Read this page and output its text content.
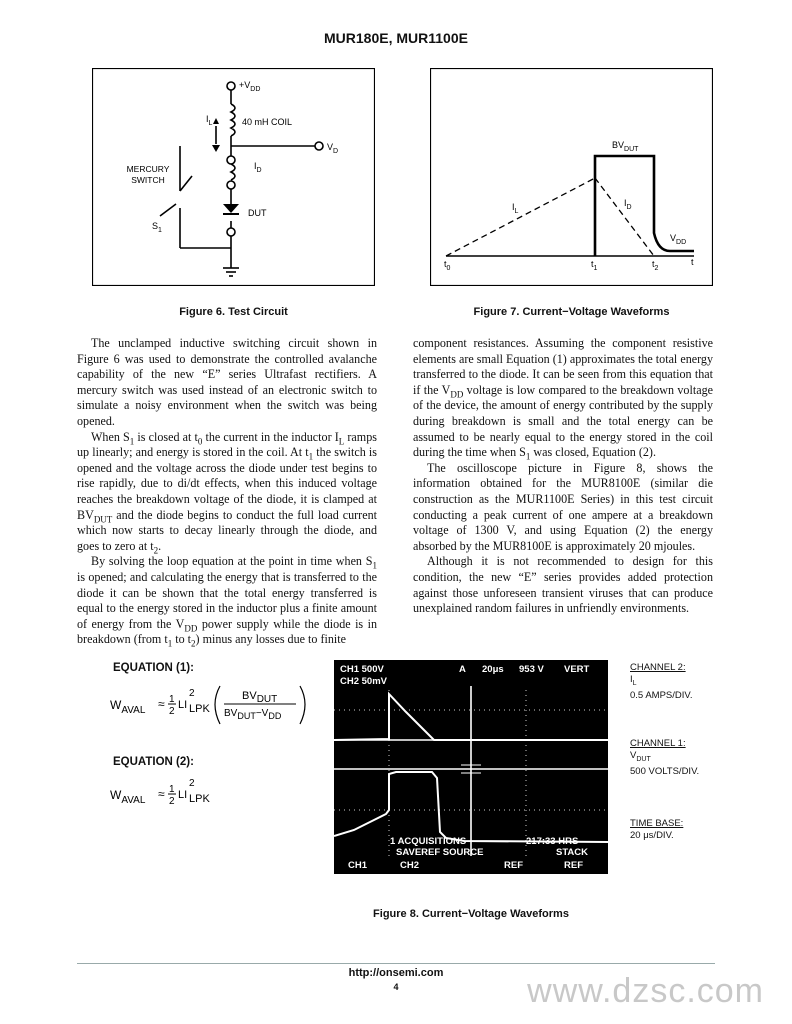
MUR180E, MUR1100E
$+V_{DD}$
$I_L$	40 mH COIL
$V_D$
$I_D$
MERCURY
SWITCH
DUT
$S_1$
Figure 6. Test Circuit
$BV_{DUT}$
$I_L$
$I_D$
$V_{DD}$
$t_0$	$t_1$	$t_2$
t
Figure 7. Current−Voltage Waveforms

The unclamped inductive switching circuit shown in Figure 6 was used to demonstrate the controlled avalanche capability of the new “E” series Ultrafast rectifiers. A mercury switch was used instead of an electronic switch to simulate a noisy environment when the switch was being opened.

When $S_1$ is closed at $t_0$ the current in the inductor $I_L$ ramps up linearly; and energy is stored in the coil. At $t_1$ the switch is opened and the voltage across the diode under test begins to rise rapidly, due to di/dt effects, when this induced voltage reaches the breakdown voltage of the diode, it is clamped at $BV_{DUT}$ and the diode begins to conduct the full load current which now starts to decay linearly through the diode, and goes to zero at $t_2$.

By solving the loop equation at the point in time when $S_1$ is opened; and calculating the energy that is transferred to the diode it can be shown that the total energy transferred is equal to the energy stored in the inductor plus a finite amount of energy from the $V_{DD}$ power supply while the diode is in breakdown (from $t_1$ to $t_2$) minus any losses due to finite

component resistances. Assuming the component resistive elements are small Equation (1) approximates the total energy transferred to the diode. It can be seen from this equation that if the $V_{DD}$ voltage is low compared to the breakdown voltage of the device, the amount of energy contributed by the supply during breakdown is small and the total energy can be assumed to be nearly equal to the energy stored in the coil during the time when $S_1$ was closed, Equation (2).

The oscilloscope picture in Figure 8, shows the information obtained for the MUR8100E (similar die construction as the MUR1100E Series) in this test circuit conducting a peak current of one ampere at a breakdown voltage of 1300 V, and using Equation (2) the energy absorbed by the MUR8100E is approximately 20 mjoules.

Although it is not recommended to design for this condition, the new “E” series provides added protection against those unforeseen transient viruses that can produce unexplained random failures in unfriendly environments.

EQUATION (1):
$W_{AVAL} \approx 1$
2
LI
2
LPK
BVDUT
BVDUT−VDD
EQUATION (2):
$W_{AVAL} \approx 1$
2
LI
2
LPK
CH1 500V	A 20μs 953 V VERT
CH2 50mV
1 ACQUISITIONS	217:33 HRS
SAVEREF SOURCE	STACK
CH1	CH2	REF	REF
CHANNEL 2:
$I_L$
0.5 AMPS/DIV.
CHANNEL 1:
$V_{DUT}$
500 VOLTS/DIV.
TIME BASE:
20 μs/DIV.
Figure 8. Current−Voltage Waveforms
http://onsemi.com
4	www.dzsc.com
